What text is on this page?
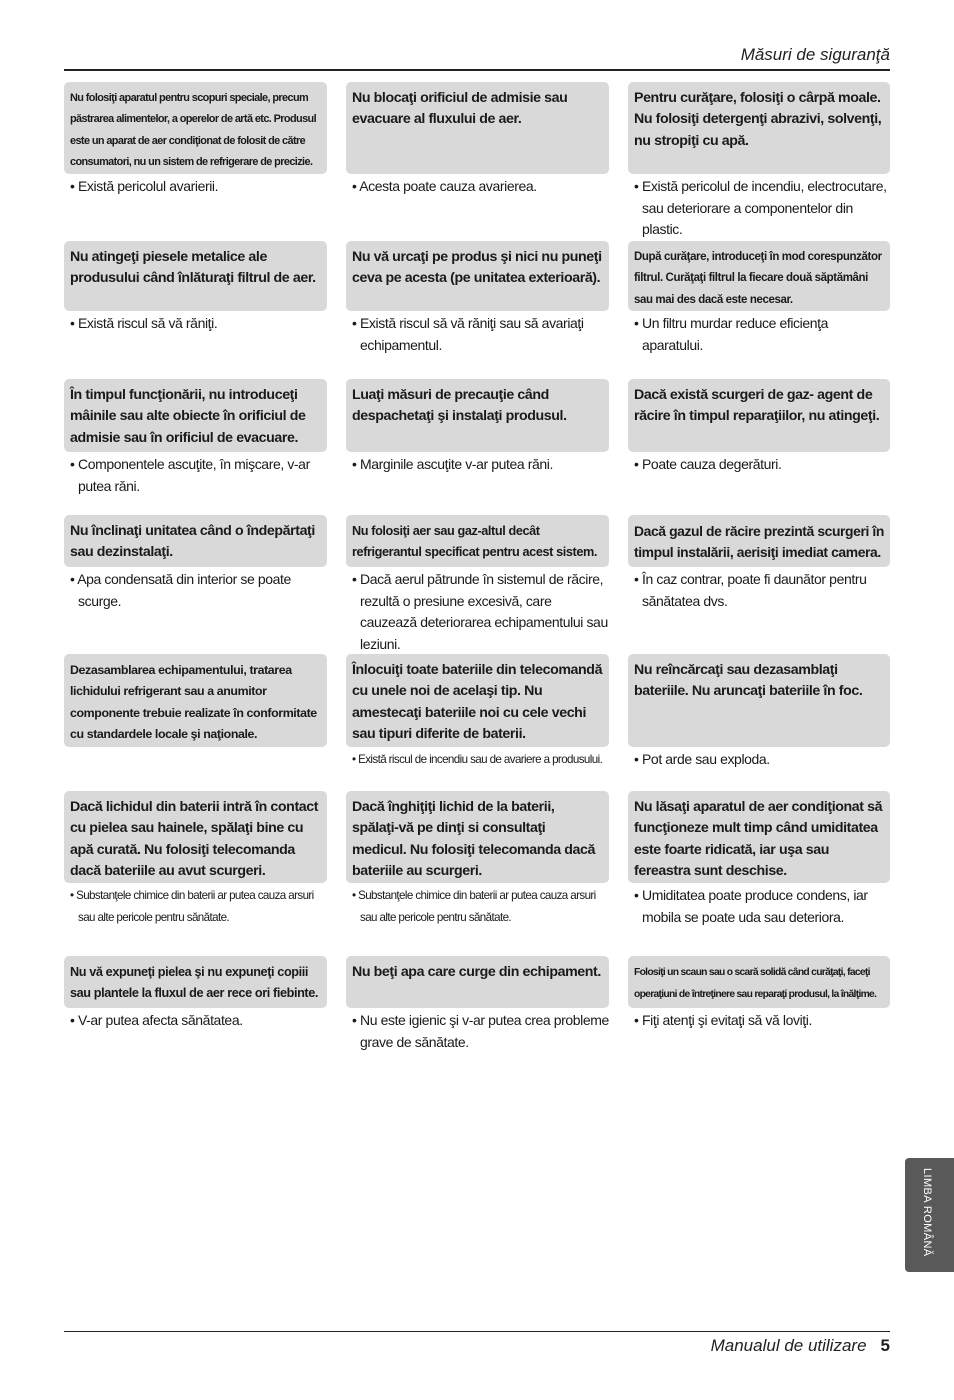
Măsuri de siguranţă
Nu folosiţi aparatul pentru scopuri speciale, precum păstrarea alimentelor, a operelor de artă etc. Produsul este un aparat de aer condiţionat de folosit de către consumatori, nu un sistem de refrigerare de precizie.
• Există pericolul avarierii.
Nu blocaţi orificiul de admisie sau evacuare al fluxului de aer.
• Acesta poate cauza avarierea.
Pentru curăţare, folosiţi o cârpă moale. Nu folosiţi detergenţi abrazivi, solvenţi, nu stropiţi cu apă.
• Există pericolul de incendiu, electrocutare, sau deteriorare a componentelor din plastic.
Nu atingeţi piesele metalice ale produsului când înlăturaţi filtrul de aer.
• Există riscul să vă răniţi.
Nu vă urcaţi pe produs şi nici nu puneţi ceva pe acesta (pe unitatea exterioară).
• Există riscul să vă răniţi sau să avariaţi echipamentul.
După curăţare, introduceţi în mod corespunzător filtrul. Curăţaţi filtrul la fiecare două săptămâni sau mai des dacă este necesar.
• Un filtru murdar reduce eficienţa aparatului.
În timpul funcţionării, nu introduceţi mâinile sau alte obiecte în orificiul de admisie sau în orificiul de evacuare.
• Componentele ascuţite, în mişcare, v-ar putea răni.
Luaţi măsuri de precauţie când despachetaţi şi instalaţi produsul.
• Marginile ascuţite v-ar putea răni.
Dacă există scurgeri de gaz- agent de răcire în timpul reparaţiilor, nu atingeţi.
• Poate cauza degerături.
Nu înclinaţi unitatea când o îndepărtaţi sau dezinstalaţi.
• Apa condensată din interior se poate scurge.
Nu folosiţi aer sau gaz-altul decât refrigerantul specificat pentru acest sistem.
• Dacă aerul pătrunde în sistemul de răcire, rezultă o presiune excesivă, care cauzează deteriorarea echipamentului sau leziuni.
Dacă gazul de răcire prezintă scurgeri în timpul instalării, aerisiţi imediat camera.
• În caz contrar, poate fi daunător pentru sănătatea dvs.
Dezasamblarea echipamentului, tratarea lichidului refrigerant sau a anumitor componente trebuie realizate în conformitate cu standardele locale şi naţionale.
Înlocuiţi toate bateriile din telecomandă cu unele noi de acelaşi tip. Nu amestecaţi bateriile noi cu cele vechi sau tipuri diferite de baterii.
• Există riscul de incendiu sau de avariere a produsului.
Nu reîncărcaţi sau dezasamblaţi bateriile. Nu aruncaţi bateriile în foc.
• Pot arde sau exploda.
Dacă lichidul din baterii intră în contact cu pielea sau hainele, spălaţi bine cu apă curată. Nu folosiţi telecomanda dacă bateriile au avut scurgeri.
• Substanţele chimice din baterii ar putea cauza arsuri sau alte pericole pentru sănătate.
Dacă înghiţiţi lichid de la baterii, spălaţi-vă pe dinţi si consultaţi medicul. Nu folosiţi telecomanda dacă bateriile au scurgeri.
• Substanţele chimice din baterii ar putea cauza arsuri sau alte pericole pentru sănătate.
Nu lăsaţi aparatul de aer condiţionat să funcţioneze mult timp când umiditatea este foarte ridicată, iar uşa sau fereastra sunt deschise.
• Umiditatea poate produce condens, iar mobila se poate uda sau deteriora.
Nu vă expuneţi pielea şi nu expuneţi copiii sau plantele la fluxul de aer rece ori fiebinte.
• V-ar putea afecta sănătatea.
Nu beţi apa care curge din echipament.
• Nu este igienic şi v-ar putea crea probleme grave de sănătate.
Folosiţi un scaun sau o scară solidă când curăţaţi, faceţi operaţiuni de întreţinere sau reparaţi produsul, la înălţime.
• Fiţi atenţi şi evitaţi să vă loviţi.
LIMBA ROMÂNĂ
Manualul de utilizare 5
